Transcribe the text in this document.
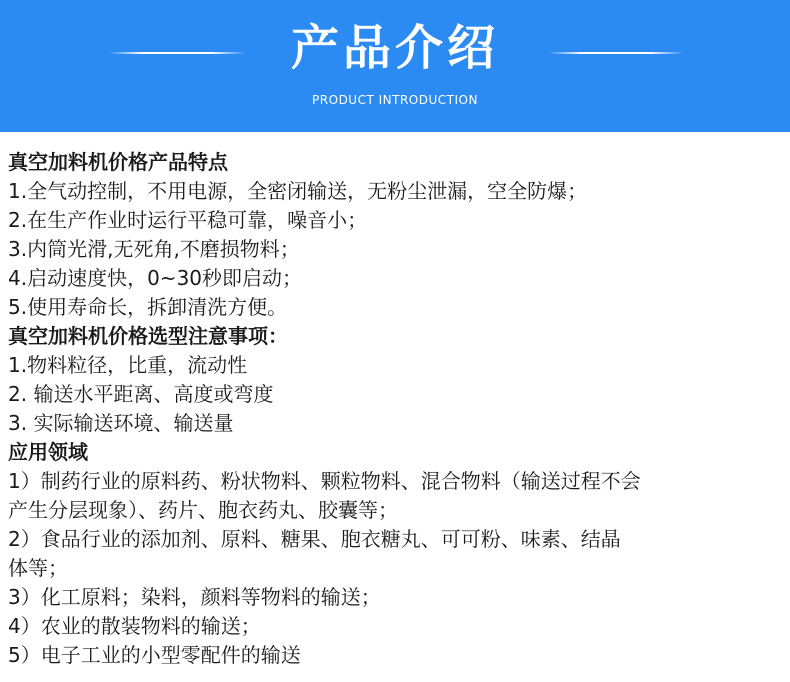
产品介绍
PRODUCT INTRODUCTION
真空加料机价格产品特点
1.全气动控制，不用电源，全密闭输送，无粉尘泄漏，空全防爆；
2.在生产作业时运行平稳可靠，噪音小；
3.内筒光滑,无死角,不磨损物料；
4.启动速度快，0~30秒即启动；
5.使用寿命长，拆卸清洗方便。
真空加料机价格选型注意事项：
1.物料粒径，比重，流动性
2. 输送水平距离、高度或弯度
3. 实际输送环境、输送量
应用领域
1）制药行业的原料药、粉状物料、颗粒物料、混合物料（输送过程不会
产生分层现象）、药片、胞衣药丸、胶囊等；
2）食品行业的添加剂、原料、糖果、胞衣糖丸、可可粉、味素、结晶
体等；
3）化工原料；染料，颜料等物料的输送；
4）农业的散装物料的输送；
5）电子工业的小型零配件的输送
